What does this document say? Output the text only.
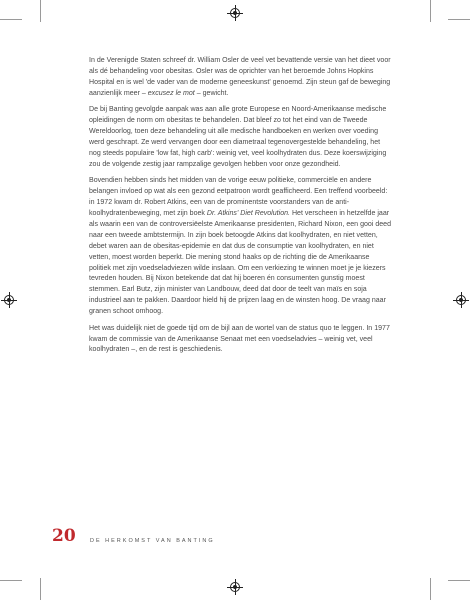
In de Verenigde Staten schreef dr. William Osler de veel vet bevattende versie van het dieet voor als dé behandeling voor obesitas. Osler was de oprichter van het beroemde Johns Hopkins Hospital en is wel 'de vader van de moderne geneeskunst' genoemd. Zijn steun gaf de beweging aanzienlijk meer – excusez le mot – gewicht.

De bij Banting gevolgde aanpak was aan alle grote Europese en Noord-Amerikaanse medische opleidingen de norm om obesitas te behandelen. Dat bleef zo tot het eind van de Tweede Wereldoorlog, toen deze behandeling uit alle medische handboeken en werken over voeding werd geschrapt. Ze werd vervangen door een diametraal tegenovergestelde behandeling, het nog steeds populaire 'low fat, high carb': weinig vet, veel koolhydraten dus. Deze koerswijziging zou de volgende zestig jaar rampzalige gevolgen hebben voor onze gezondheid.

Bovendien hebben sinds het midden van de vorige eeuw politieke, commerciële en andere belangen invloed op wat als een gezond eetpatroon wordt geafficheerd. Een treffend voorbeeld: in 1972 kwam dr. Robert Atkins, een van de prominentste voorstanders van de anti-koolhydratenbeweging, met zijn boek Dr. Atkins' Diet Revolution. Het verscheen in hetzelfde jaar als waarin een van de controversiëelste Amerikaanse presidenten, Richard Nixon, een gooi deed naar een tweede ambtstermijn. In zijn boek betoogde Atkins dat koolhydraten, en niet vetten, debet waren aan de obesitas-epidemie en dat dus de consumptie van koolhydraten, en niet vetten, moest worden beperkt. Die mening stond haaks op de richting die de Amerikaanse politiek met zijn voedseladviezen wilde inslaan. Om een verkiezing te winnen moet je je kiezers tevreden houden. Bij Nixon betekende dat dat hij boeren én consumenten gunstig moest stemmen. Earl Butz, zijn minister van Landbouw, deed dat door de teelt van maïs en soja industrieel aan te pakken. Daardoor hield hij de prijzen laag en de winsten hoog. De vraag naar granen schoot omhoog.

Het was duidelijk niet de goede tijd om de bijl aan de wortel van de status quo te leggen. In 1977 kwam de commissie van de Amerikaanse Senaat met een voedseladvies – weinig vet, veel koolhydraten –, en de rest is geschiedenis.

20	DE HERKOMST VAN BANTING
